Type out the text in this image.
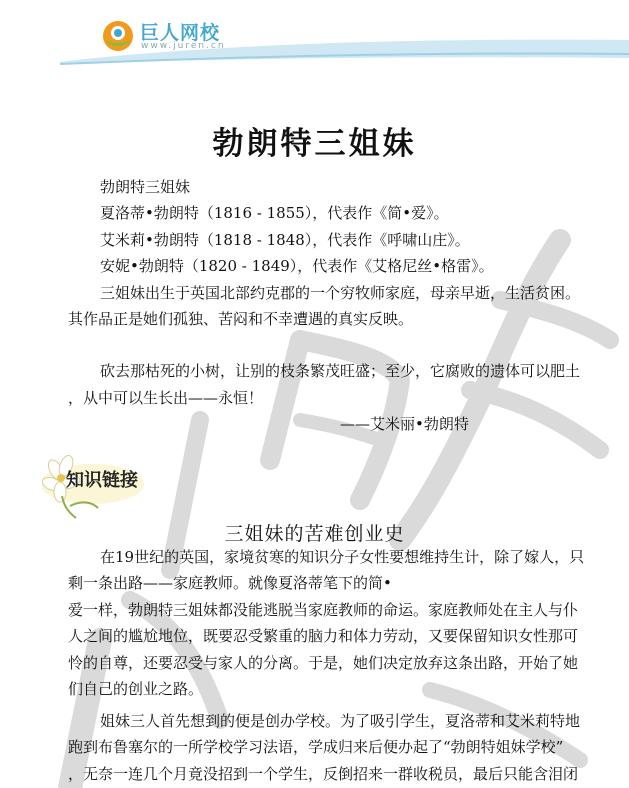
巨人网校
www.juren.cn
勃朗特三姐妹
勃朗特三姐妹
夏洛蒂•勃朗特（1816 - 1855），代表作《简•爱》。
艾米莉•勃朗特（1818 - 1848），代表作《呼啸山庄》。
安妮•勃朗特（1820 - 1849），代表作《艾格尼丝•格雷》。
三姐妹出生于英国北部约克郡的一个穷牧师家庭，母亲早逝，生活贫困。
其作品正是她们孤独、苦闷和不幸遭遇的真实反映。
砍去那枯死的小树，让别的枝条繁茂旺盛；至少，它腐败的遗体可以肥土
，从中可以生长出——永恒！
——艾米丽•勃朗特
知识链接
三姐妹的苦难创业史
在19世纪的英国，家境贫寒的知识分子女性要想维持生计，除了嫁人，只
剩一条出路——家庭教师。就像夏洛蒂笔下的简•
爱一样，勃朗特三姐妹都没能逃脱当家庭教师的命运。家庭教师处在主人与仆
人之间的尴尬地位，既要忍受繁重的脑力和体力劳动，又要保留知识女性那可
怜的自尊，还要忍受与家人的分离。于是，她们决定放弃这条出路，开始了她
们自己的创业之路。
姐妹三人首先想到的便是创办学校。为了吸引学生，夏洛蒂和艾米莉特地
跑到布鲁塞尔的一所学校学习法语，学成归来后便办起了“勃朗特姐妹学校”
，无奈一连几个月竟没招到一个学生，反倒招来一群收税员，最后只能含泪闭
